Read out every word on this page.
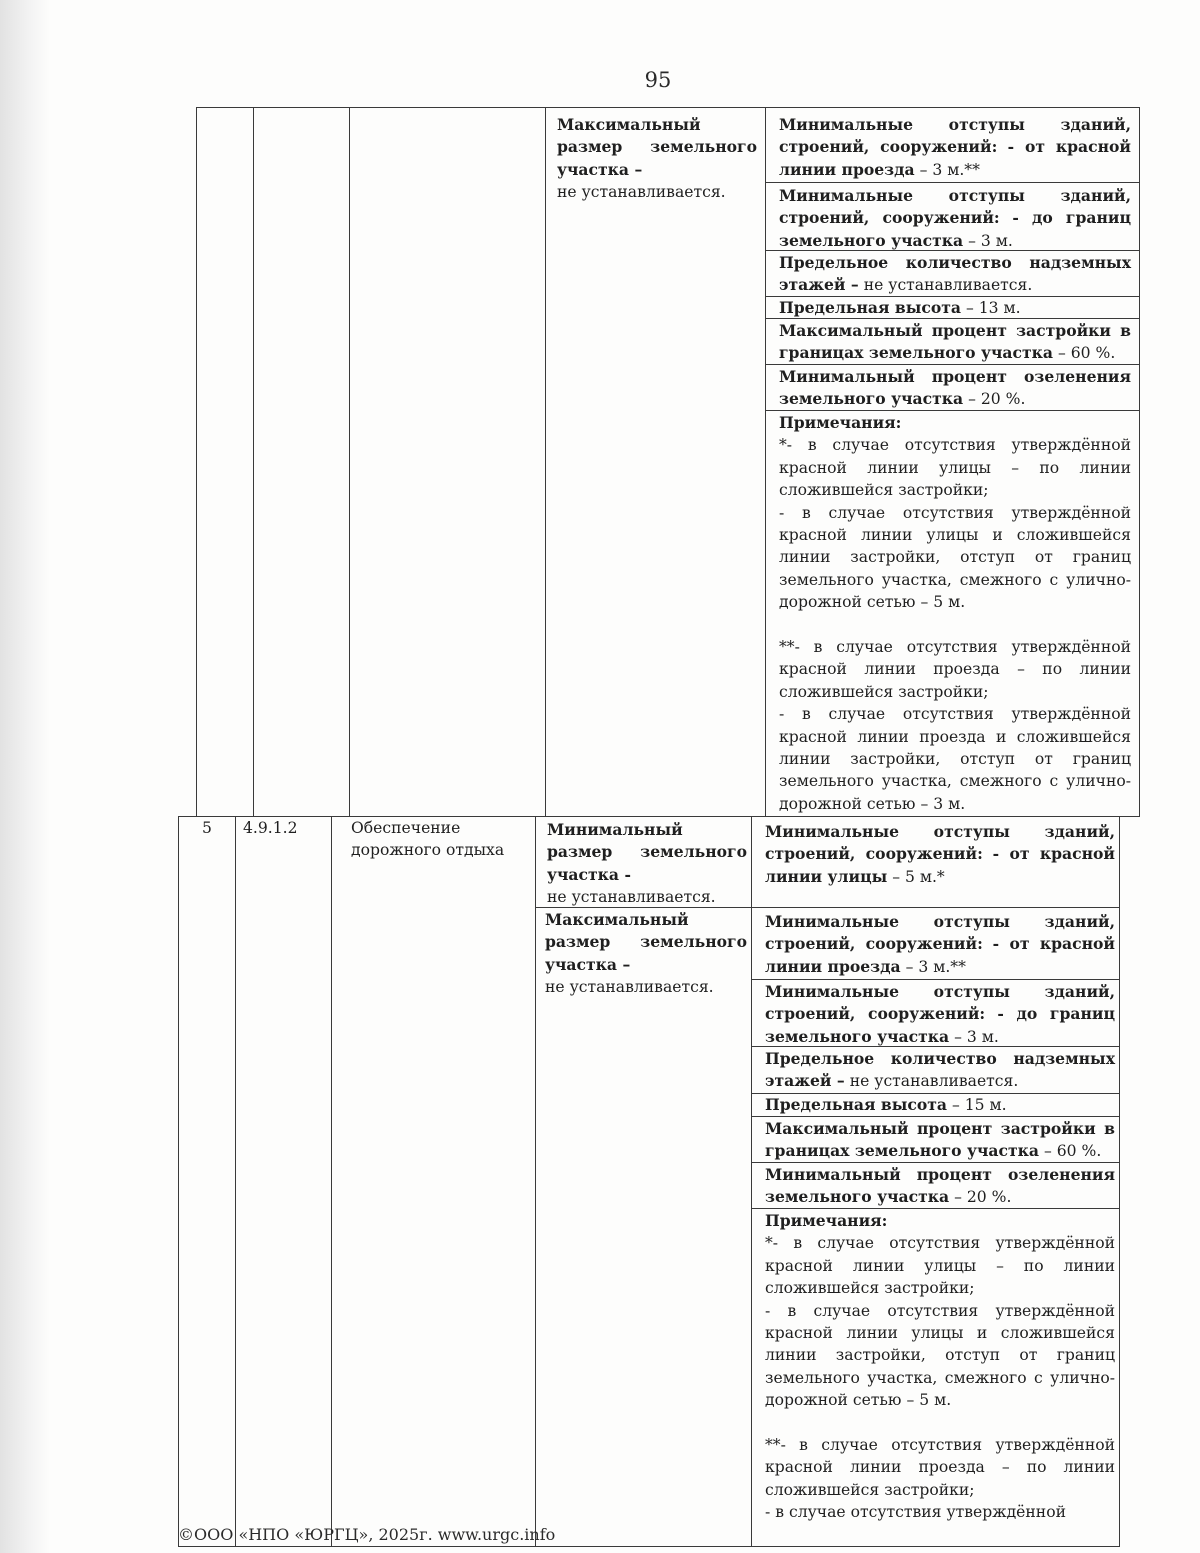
95
Максимальный размер земельного участка –
не устанавливается.
Минимальные отступы зданий, строений, сооружений: - от красной линии проезда – 3 м.**
Минимальные отступы зданий, строений, сооружений: - до границ земельного участка – 3 м.
Предельное количество надземных этажей – не устанавливается.
Предельная высота – 13 м.
Максимальный процент застройки в границах земельного участка – 60 %.
Минимальный процент озеленения земельного участка – 20 %.
Примечания:
*- в случае отсутствия утверждённой красной линии улицы – по линии сложившейся застройки;
- в случае отсутствия утверждённой красной линии улицы и сложившейся линии застройки, отступ от границ земельного участка, смежного с улично-дорожной сетью – 5 м.
**- в случае отсутствия утверждённой красной линии проезда – по линии сложившейся застройки;
- в случае отсутствия утверждённой красной линии проезда и сложившейся линии застройки, отступ от границ земельного участка, смежного с улично-дорожной сетью – 3 м.
5	4.9.1.2	Обеспечение дорожного отдыха
Минимальный размер земельного участка -
не устанавливается.
Максимальный размер земельного участка –
не устанавливается.
Минимальные отступы зданий, строений, сооружений: - от красной линии улицы – 5 м.*
Минимальные отступы зданий, строений, сооружений: - от красной линии проезда – 3 м.**
Минимальные отступы зданий, строений, сооружений: - до границ земельного участка – 3 м.
Предельное количество надземных этажей – не устанавливается.
Предельная высота – 15 м.
Максимальный процент застройки в границах земельного участка – 60 %.
Минимальный процент озеленения земельного участка – 20 %.
Примечания:
*- в случае отсутствия утверждённой красной линии улицы – по линии сложившейся застройки;
- в случае отсутствия утверждённой красной линии улицы и сложившейся линии застройки, отступ от границ земельного участка, смежного с улично-дорожной сетью – 5 м.
**- в случае отсутствия утверждённой красной линии проезда – по линии сложившейся застройки;
- в случае отсутствия утверждённой
©ООО «НПО «ЮРГЦ», 2025г. www.urgc.info
